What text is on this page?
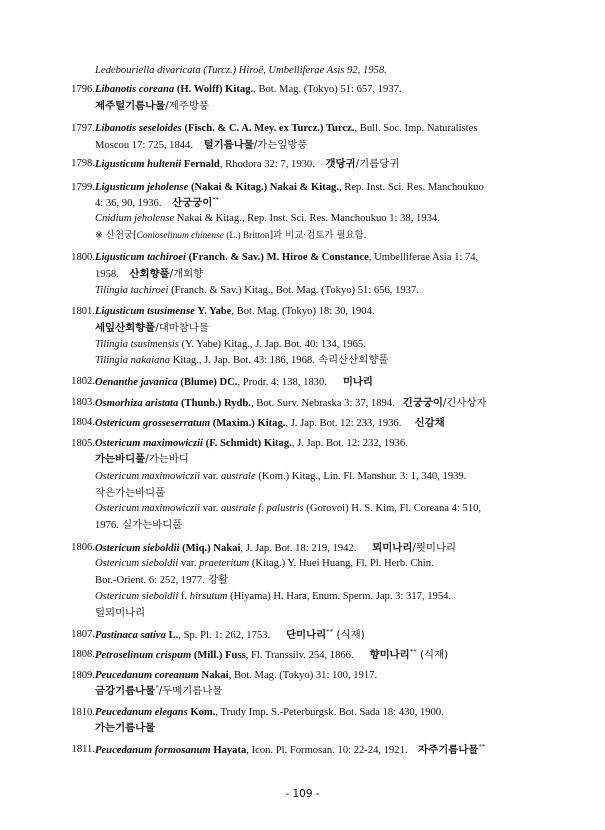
Ledebouriella divaricata (Turcz.) Hiroë, Umbelliferae Asis 92, 1958.
1796. Libanotis coreana (H. Wolff) Kitag., Bot. Mag. (Tokyo) 51: 657, 1937.
제주털기름나물/제주방풍
1797. Libanotis seseloides (Fisch. & C. A. Mey. ex Turcz.) Turcz., Bull. Soc. Imp. Naturalistes
Moscou 17: 725, 1844. 털기름나물/가는잎방풍
1798. Ligusticum hultenii Fernald, Rhodora 32: 7, 1930. 갯당귀/기름당귀
1799. Ligusticum jeholense (Nakai & Kitag.) Nakai & Kitag., Rep. Inst. Sci. Res. Manchoukuo
4: 36, 90, 1936. 산궁궁이**
Cnidium jeholense Nakai & Kitag., Rep. Inst. Sci. Res. Manchoukuo 1: 38, 1934.
※ 산천궁[Conioselinum chinense (L.) Britton]과 비교·검토가 필요함.
1800. Ligusticum tachiroei (Franch. & Sav.) M. Hiroe & Constance, Umbelliferae Asia 1: 74,
1958. 산회향풀/개회향
Tilingia tachiroei (Franch. & Sav.) Kitag., Bot. Mag. (Tokyo) 51: 656, 1937.
1801. Ligusticum tsusimense Y. Yabe, Bot. Mag. (Tokyo) 18: 30, 1904.
세잎산회향풀/대마참나물
Tilingia tsusimensis (Y. Yabe) Kitag., J. Jap. Bot. 40: 134, 1965.
Tilingia nakaiana Kitag., J. Jap. Bot. 43: 186, 1968. 속리산산회향풀
1802. Oenanthe javanica (Blume) DC., Prodr. 4: 138, 1830. 미나리
1803. Osmorhiza aristata (Thunb.) Rydb., Bot. Surv. Nebraska 3: 37, 1894. 긴궁궁이/긴사상자
1804. Ostericum grosseserratum (Maxim.) Kitag., J. Jap. Bot. 12: 233, 1936. 신감채
1805. Ostericum maximowiczii (F. Schmidt) Kitag., J. Jap. Bot. 12: 232, 1936.
가는바디풀/가는바디
Ostericum maximowiczii var. australe (Kom.) Kitag., Lin. Fl. Manshur. 3: 1, 340, 1939.
작은가는바디풀
Ostericum maximowiczii var. australe f. palustris (Gorovoi) H. S. Kim, Fl. Coreana 4: 510,
1976. 실가는바디풀
1806. Ostericum sieboldii (Miq.) Nakai, J. Jap. Bot. 18: 219, 1942. 뫼미나리/묏미나리
Ostericum sieboldii var. praeteritum (Kitag.) Y. Huei Huang, Fl. Pl. Herb. Chin.
Bor.-Orient. 6: 252, 1977. 강활
Ostericum sieboldii f. hirsutum (Hiyama) H. Hara, Enum. Sperm. Jap. 3: 317, 1954.
털뫼미나리
1807. Pastinaca sativa L., Sp. Pl. 1: 262, 1753. 단미나리** (식재)
1808. Petroselinum crispum (Mill.) Fuss, Fl. Transsilv. 254, 1866. 향미나리** (식재)
1809. Peucedanum coreanum Nakai, Bot. Mag. (Tokyo) 31: 100, 1917.
금강기름나물*/두메기름나물
1810. Peucedanum elegans Kom., Trudy Imp. S.-Peterburgsk. Bot. Sada 18: 430, 1900.
가는기름나물
1811. Peucedanum formosanum Hayata, Icon. Pl. Formosan. 10: 22-24, 1921. 자주기름나물**
- 109 -
